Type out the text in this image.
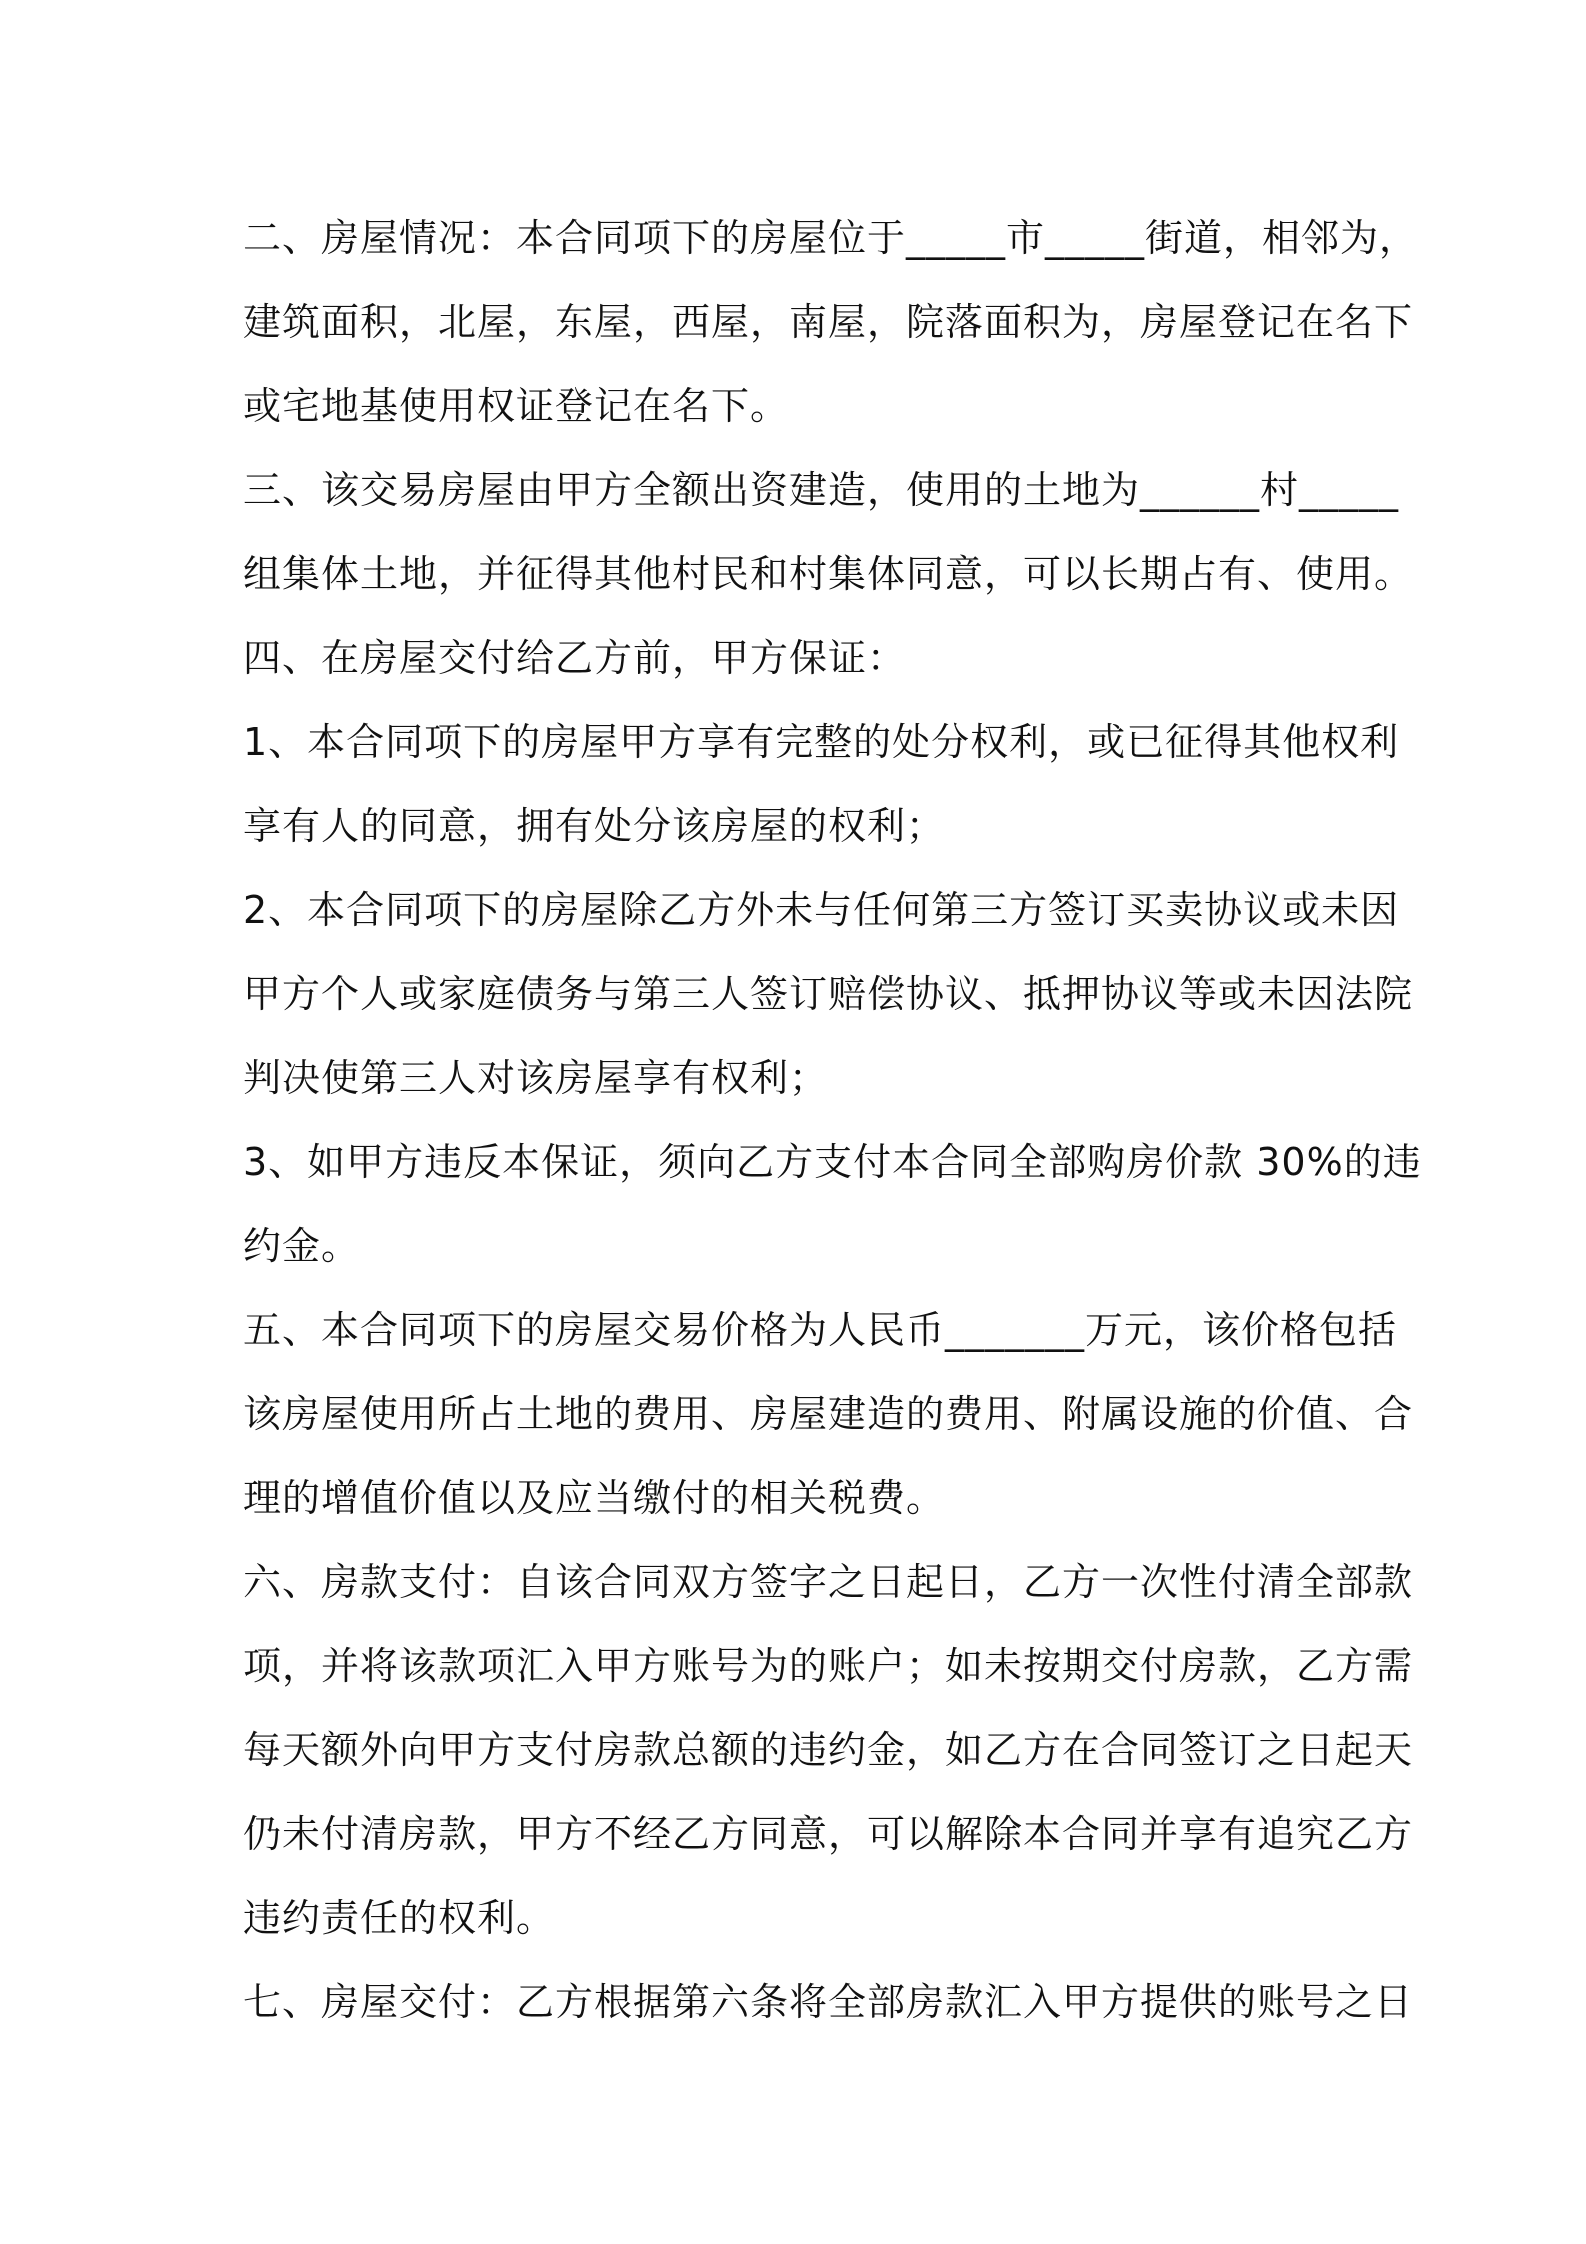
二、房屋情况：本合同项下的房屋位于_____市_____街道，相邻为，
建筑面积，北屋，东屋，西屋，南屋，院落面积为，房屋登记在名下
或宅地基使用权证登记在名下。
三、该交易房屋由甲方全额出资建造，使用的土地为______村_____
组集体土地，并征得其他村民和村集体同意，可以长期占有、使用。
四、在房屋交付给乙方前，甲方保证：
1、本合同项下的房屋甲方享有完整的处分权利，或已征得其他权利
享有人的同意，拥有处分该房屋的权利；
2、本合同项下的房屋除乙方外未与任何第三方签订买卖协议或未因
甲方个人或家庭债务与第三人签订赔偿协议、抵押协议等或未因法院
判决使第三人对该房屋享有权利；
3、如甲方违反本保证，须向乙方支付本合同全部购房价款 30%的违
约金。
五、本合同项下的房屋交易价格为人民币_______万元，该价格包括
该房屋使用所占土地的费用、房屋建造的费用、附属设施的价值、合
理的增值价值以及应当缴付的相关税费。
六、房款支付：自该合同双方签字之日起日，乙方一次性付清全部款
项，并将该款项汇入甲方账号为的账户；如未按期交付房款，乙方需
每天额外向甲方支付房款总额的违约金，如乙方在合同签订之日起天
仍未付清房款，甲方不经乙方同意，可以解除本合同并享有追究乙方
违约责任的权利。
七、房屋交付：乙方根据第六条将全部房款汇入甲方提供的账号之日
